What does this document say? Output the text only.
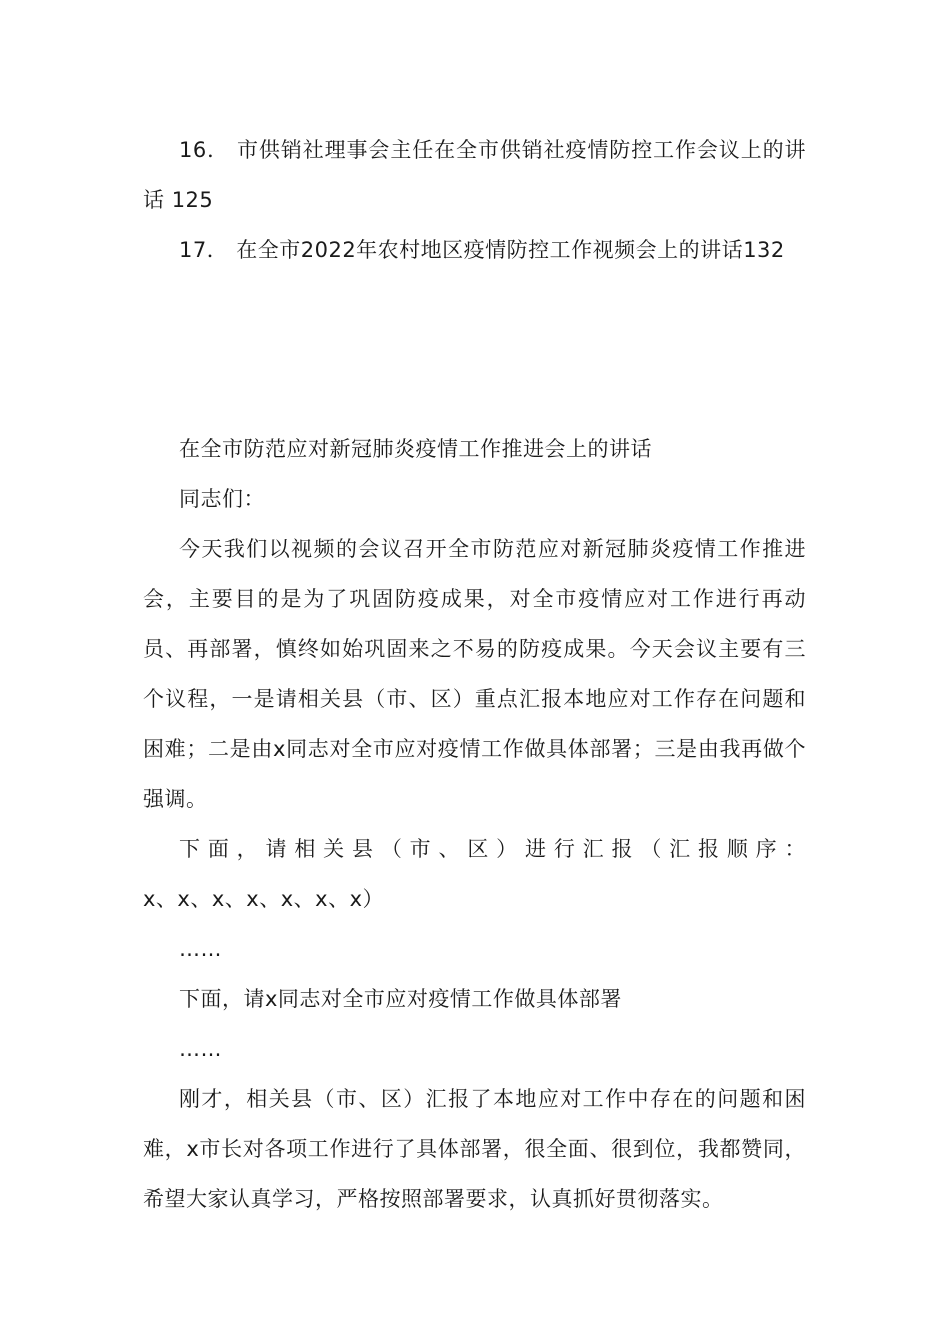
16． 市供销社理事会主任在全市供销社疫情防控工作会议上的讲话 125

17． 在全市2022年农村地区疫情防控工作视频会上的讲话132

在全市防范应对新冠肺炎疫情工作推进会上的讲话

同志们：

今天我们以视频的会议召开全市防范应对新冠肺炎疫情工作推进会，主要目的是为了巩固防疫成果，对全市疫情应对工作进行再动员、再部署，慎终如始巩固来之不易的防疫成果。今天会议主要有三个议程，一是请相关县（市、区）重点汇报本地应对工作存在问题和困难；二是由x同志对全市应对疫情工作做具体部署；三是由我再做个强调。

下面，请相关县（市、区）进行汇报（汇报顺序：
x、x、x、x、x、x、x）

……

下面，请x同志对全市应对疫情工作做具体部署

……

刚才，相关县（市、区）汇报了本地应对工作中存在的问题和困难，x市长对各项工作进行了具体部署，很全面、很到位，我都赞同，希望大家认真学习，严格按照部署要求，认真抓好贯彻落实。
